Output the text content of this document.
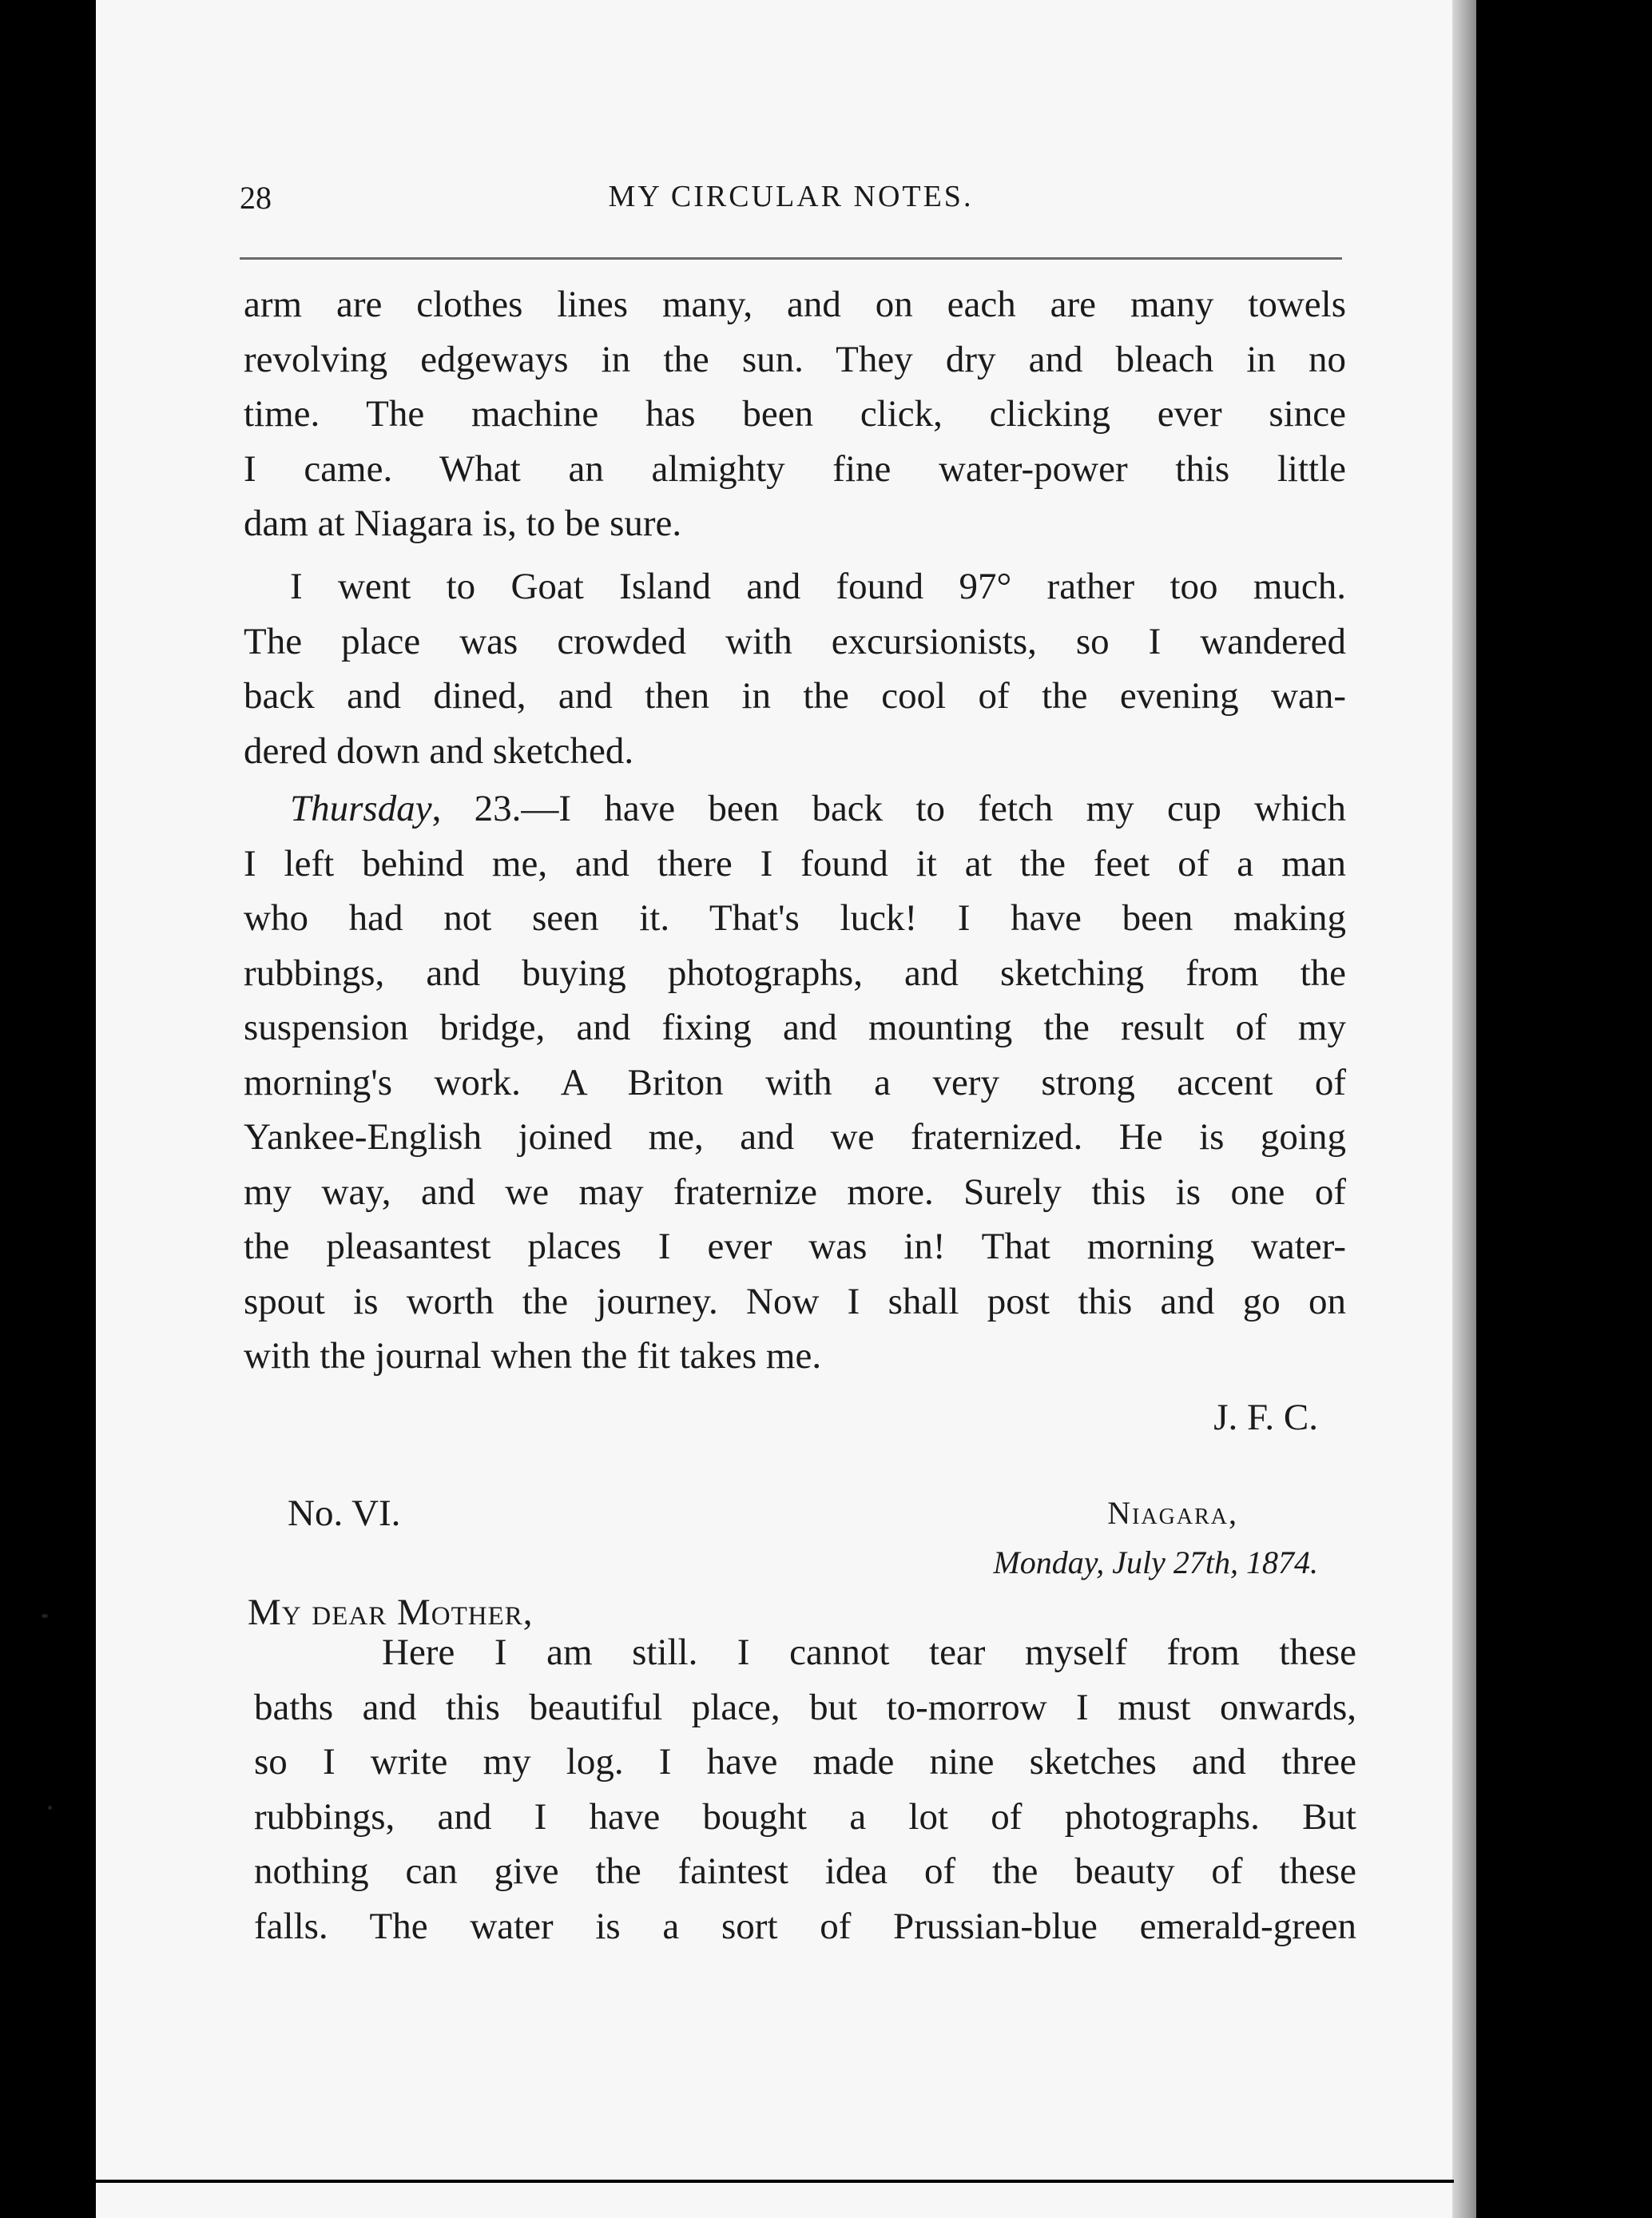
28	MY CIRCULAR NOTES.
arm are clothes lines many, and on each are many towels
revolving edgeways in the sun. They dry and bleach in no
time. The machine has been click, clicking ever since
I came. What an almighty fine water-power this little
dam at Niagara is, to be sure.
I went to Goat Island and found 97° rather too much.
The place was crowded with excursionists, so I wandered
back and dined, and then in the cool of the evening wan-
dered down and sketched.
Thursday, 23.—I have been back to fetch my cup which
I left behind me, and there I found it at the feet of a man
who had not seen it. That's luck! I have been making
rubbings, and buying photographs, and sketching from the
suspension bridge, and fixing and mounting the result of my
morning's work. A Briton with a very strong accent of
Yankee-English joined me, and we fraternized. He is going
my way, and we may fraternize more. Surely this is one of
the pleasantest places I ever was in! That morning water-
spout is worth the journey. Now I shall post this and go on
with the journal when the fit takes me.
J. F. C.
No. VI.	Niagara,
Monday, July 27th, 1874.
My dear Mother,
Here I am still. I cannot tear myself from these
baths and this beautiful place, but to-morrow I must onwards,
so I write my log. I have made nine sketches and three
rubbings, and I have bought a lot of photographs. But
nothing can give the faintest idea of the beauty of these
falls. The water is a sort of Prussian-blue emerald-green
